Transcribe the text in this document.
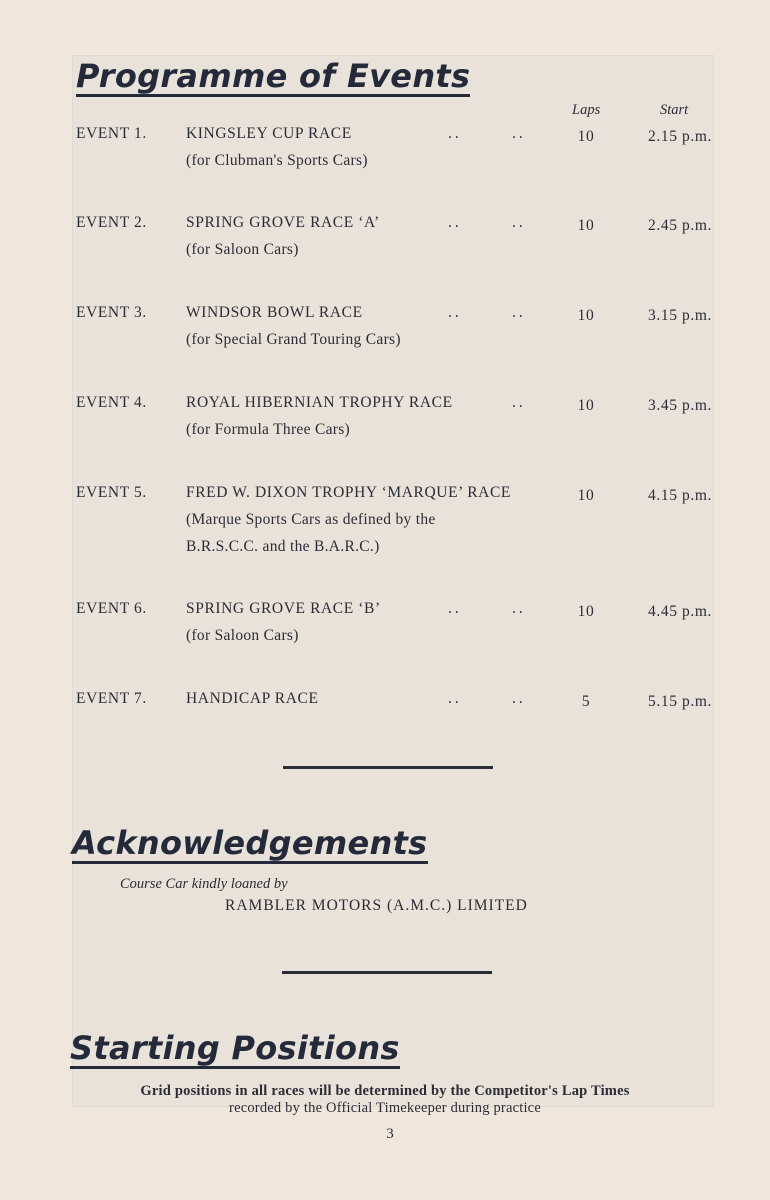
Programme of Events
Laps	Start
EVENT 1.	KINGSLEY CUP RACE	..	..	10	2.15 p.m.
(for Clubman's Sports Cars)
EVENT 2.	SPRING GROVE RACE ‘A’	..	..	10	2.45 p.m.
(for Saloon Cars)
EVENT 3.	WINDSOR BOWL RACE	..	..	10	3.15 p.m.
(for Special Grand Touring Cars)
EVENT 4.	ROYAL HIBERNIAN TROPHY RACE	..	10	3.45 p.m.
(for Formula Three Cars)
EVENT 5.	FRED W. DIXON TROPHY ‘MARQUE’ RACE	10	4.15 p.m.
(Marque Sports Cars as defined by the
B.R.S.C.C. and the B.A.R.C.)
EVENT 6.	SPRING GROVE RACE ‘B’	..	..	10	4.45 p.m.
(for Saloon Cars)
EVENT 7.	HANDICAP RACE	..	..	5	5.15 p.m.
Acknowledgements
Course Car kindly loaned by
RAMBLER MOTORS (A.M.C.) LIMITED
Starting Positions
Grid positions in all races will be determined by the Competitor's Lap Times
recorded by the Official Timekeeper during practice
3
